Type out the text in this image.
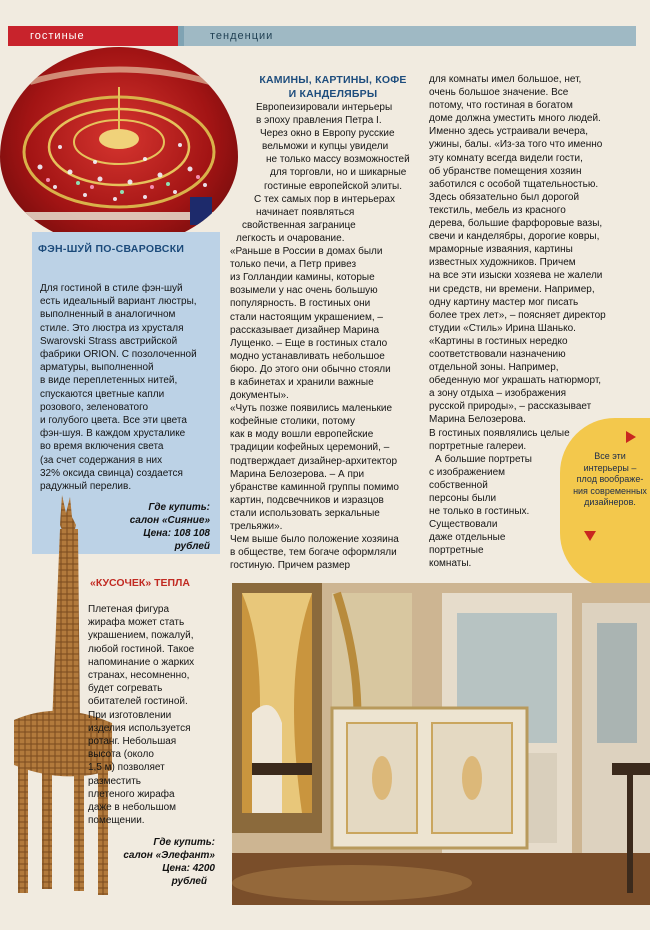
гостиные	тенденции
ФЭН-ШУЙ ПО-СВАРОВСКИ
Для гостиной в стиле фэн-шуй
есть идеальный вариант люстры,
выполненный в аналогичном
стиле. Это люстра из хрусталя
Swarovski Strass австрийской
фабрики ORION. С позолоченной
арматуры, выполненной
в виде переплетенных нитей,
спускаются цветные капли
розового, зеленоватого
и голубого цвета. Все эти цвета
фэн-шуя. В каждом хрусталике
во время включения света
(за счет содержания в них
32% оксида свинца) создается
радужный перелив.
Где купить:
салон «Сияние»
Цена: 108 108 рублей
«КУСОЧЕК» ТЕПЛА
Плетеная фигура
жирафа может стать
украшением, пожалуй,
любой гостиной. Такое
напоминание о жарких
странах, несомненно,
будет согревать
обитателей гостиной.
При изготовлении
изделия используется
ротанг. Небольшая
высота (около
1,5 м) позволяет
разместить
плетеного жирафа
даже в небольшом
помещении.
Где купить:
салон «Элефант»
Цена: 4200
рублей
КАМИНЫ, КАРТИНЫ, КОФЕ
И КАНДЕЛЯБРЫ
Европеизировали интерьеры
в эпоху правления Петра I.
Через окно в Европу русские
вельможи и купцы увидели
не только массу возможностей
для торговли, но и шикарные
гостиные европейской элиты.
С тех самых пор в интерьерах
начинает появляться
свойственная загранице
легкость и очарование.
«Раньше в России в домах были
только печи, а Петр привез
из Голландии камины, которые
возымели у нас очень большую
популярность. В гостиных они
стали настоящим украшением, –
рассказывает дизайнер Марина
Лущенко. – Еще в гостиных стало
модно устанавливать небольшое
бюро. До этого они обычно стояли
в кабинетах и хранили важные
документы».
«Чуть позже появились маленькие
кофейные столики, потому
как в моду вошли европейские
традиции кофейных церемоний, –
подтверждает дизайнер-архитектор
Марина Белозерова. – А при
убранстве каминной группы помимо
картин, подсвечников и изразцов
стали использовать зеркальные
трельяжи».
Чем выше было положение хозяина
в обществе, тем богаче оформляли
гостиную. Причем размер
для комнаты имел большое, нет,
очень большое значение. Все
потому, что гостиная в богатом
доме должна уместить много людей.
Именно здесь устраивали вечера,
ужины, балы. «Из-за того что именно
эту комнату всегда видели гости,
об убранстве помещения хозяин
заботился с особой тщательностью.
Здесь обязательно был дорогой
текстиль, мебель из красного
дерева, большие фарфоровые вазы,
свечи и канделябры, дорогие ковры,
мраморные изваяния, картины
известных художников. Причем
на все эти изыски хозяева не жалели
ни средств, ни времени. Например,
одну картину мастер мог писать
более трех лет», – поясняет директор
студии «Стиль» Ирина Шанько.
«Картины в гостиных нередко
соответствовали назначению
отдельной зоны. Например,
обеденную мог украшать натюрморт,
а зону отдыха – изображения
русской природы», – рассказывает
Марина Белозерова.
В гостиных появлялись целые
портретные галереи.
А большие портреты
с изображением
собственной
персоны были
не только в гостиных.
Существовали
даже отдельные
портретные
комнаты.
Все эти
интерьеры –
плод воображе-
ния современных
дизайнеров.
